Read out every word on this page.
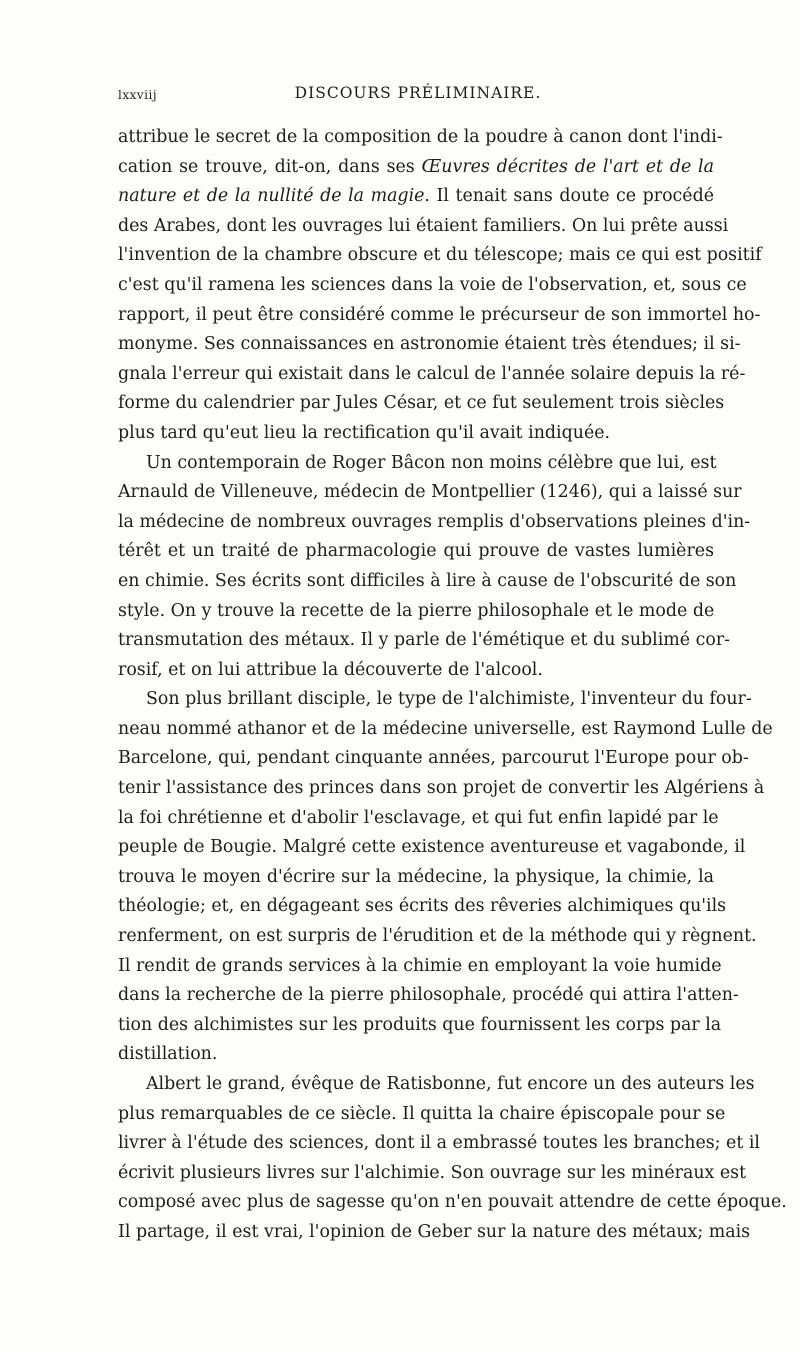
lxxviij	DISCOURS PRÉLIMINAIRE.
attribue le secret de la composition de la poudre à canon dont l'indi-
cation se trouve, dit-on, dans ses Œuvres décrites de l'art et de la
nature et de la nullité de la magie. Il tenait sans doute ce procédé
des Arabes, dont les ouvrages lui étaient familiers. On lui prête aussi
l'invention de la chambre obscure et du télescope; mais ce qui est positif
c'est qu'il ramena les sciences dans la voie de l'observation, et, sous ce
rapport, il peut être considéré comme le précurseur de son immortel ho-
monyme. Ses connaissances en astronomie étaient très étendues; il si-
gnala l'erreur qui existait dans le calcul de l'année solaire depuis la ré-
forme du calendrier par Jules César, et ce fut seulement trois siècles
plus tard qu'eut lieu la rectification qu'il avait indiquée.
Un contemporain de Roger Bâcon non moins célèbre que lui, est
Arnauld de Villeneuve, médecin de Montpellier (1246), qui a laissé sur
la médecine de nombreux ouvrages remplis d'observations pleines d'in-
térêt et un traité de pharmacologie qui prouve de vastes lumières
en chimie. Ses écrits sont difficiles à lire à cause de l'obscurité de son
style. On y trouve la recette de la pierre philosophale et le mode de
transmutation des métaux. Il y parle de l'émétique et du sublimé cor-
rosif, et on lui attribue la découverte de l'alcool.
Son plus brillant disciple, le type de l'alchimiste, l'inventeur du four-
neau nommé athanor et de la médecine universelle, est Raymond Lulle de
Barcelone, qui, pendant cinquante années, parcourut l'Europe pour ob-
tenir l'assistance des princes dans son projet de convertir les Algériens à
la foi chrétienne et d'abolir l'esclavage, et qui fut enfin lapidé par le
peuple de Bougie. Malgré cette existence aventureuse et vagabonde, il
trouva le moyen d'écrire sur la médecine, la physique, la chimie, la
théologie; et, en dégageant ses écrits des rêveries alchimiques qu'ils
renferment, on est surpris de l'érudition et de la méthode qui y règnent.
Il rendit de grands services à la chimie en employant la voie humide
dans la recherche de la pierre philosophale, procédé qui attira l'atten-
tion des alchimistes sur les produits que fournissent les corps par la
distillation.
Albert le grand, évêque de Ratisbonne, fut encore un des auteurs les
plus remarquables de ce siècle. Il quitta la chaire épiscopale pour se
livrer à l'étude des sciences, dont il a embrassé toutes les branches; et il
écrivit plusieurs livres sur l'alchimie. Son ouvrage sur les minéraux est
composé avec plus de sagesse qu'on n'en pouvait attendre de cette époque.
Il partage, il est vrai, l'opinion de Geber sur la nature des métaux; mais
